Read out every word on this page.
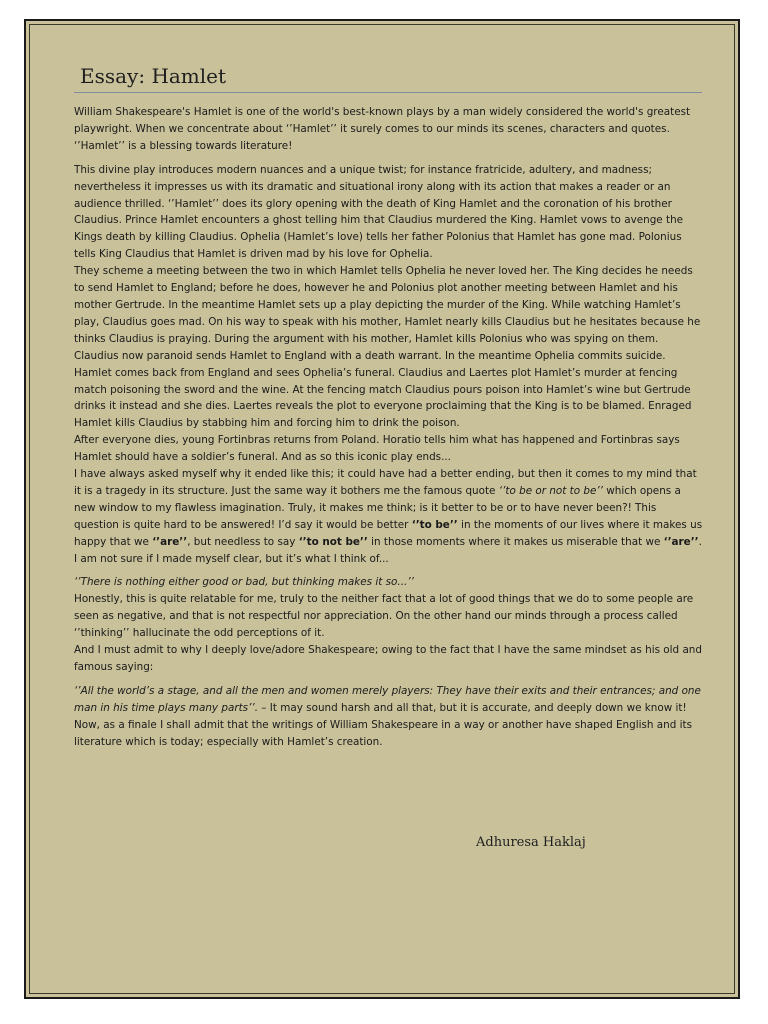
Essay: Hamlet

William Shakespeare's Hamlet is one of the world's best-known plays by a man widely considered the world's greatest playwright. When we concentrate about ‘’Hamlet’’ it surely comes to our minds its scenes, characters and quotes. ‘’Hamlet’’ is a blessing towards literature!

This divine play introduces modern nuances and a unique twist; for instance fratricide, adultery, and madness; nevertheless it impresses us with its dramatic and situational irony along with its action that makes a reader or an audience thrilled. ‘’Hamlet’’ does its glory opening with the death of King Hamlet and the coronation of his brother Claudius. Prince Hamlet encounters a ghost telling him that Claudius murdered the King. Hamlet vows to avenge the Kings death by killing Claudius. Ophelia (Hamlet’s love) tells her father Polonius that Hamlet has gone mad. Polonius tells King Claudius that Hamlet is driven mad by his love for Ophelia.

They scheme a meeting between the two in which Hamlet tells Ophelia he never loved her. The King decides he needs to send Hamlet to England; before he does, however he and Polonius plot another meeting between Hamlet and his mother Gertrude. In the meantime Hamlet sets up a play depicting the murder of the King. While watching Hamlet’s play, Claudius goes mad. On his way to speak with his mother, Hamlet nearly kills Claudius but he hesitates because he thinks Claudius is praying. During the argument with his mother, Hamlet kills Polonius who was spying on them.

Claudius now paranoid sends Hamlet to England with a death warrant. In the meantime Ophelia commits suicide. Hamlet comes back from England and sees Ophelia’s funeral. Claudius and Laertes plot Hamlet’s murder at fencing match poisoning the sword and the wine. At the fencing match Claudius pours poison into Hamlet’s wine but Gertrude drinks it instead and she dies. Laertes reveals the plot to everyone proclaiming that the King is to be blamed. Enraged Hamlet kills Claudius by stabbing him and forcing him to drink the poison.

After everyone dies, young Fortinbras returns from Poland. Horatio tells him what has happened and Fortinbras says Hamlet should have a soldier’s funeral. And as so this iconic play ends...

I have always asked myself why it ended like this; it could have had a better ending, but then it comes to my mind that it is a tragedy in its structure. Just the same way it bothers me the famous quote ‘’to be or not to be’’ which opens a new window to my flawless imagination. Truly, it makes me think; is it better to be or to have never been?! This question is quite hard to be answered! I’d say it would be better ‘’to be’’ in the moments of our lives where it makes us happy that we ‘’are’’, but needless to say ‘’to not be’’ in those moments where it makes us miserable that we ‘’are’’. I am not sure if I made myself clear, but it’s what I think of...

‘’There is nothing either good or bad, but thinking makes it so...’’

Honestly, this is quite relatable for me, truly to the neither fact that a lot of good things that we do to some people are seen as negative, and that is not respectful nor appreciation. On the other hand our minds through a process called ‘’thinking’’ hallucinate the odd perceptions of it.

And I must admit to why I deeply love/adore Shakespeare; owing to the fact that I have the same mindset as his old and famous saying:

‘’All the world’s a stage, and all the men and women merely players: They have their exits and their entrances; and one man in his time plays many parts’’. – It may sound harsh and all that, but it is accurate, and deeply down we know it! Now, as a finale I shall admit that the writings of William Shakespeare in a way or another have shaped English and its literature which is today; especially with Hamlet’s creation.

Adhuresa Haklaj
